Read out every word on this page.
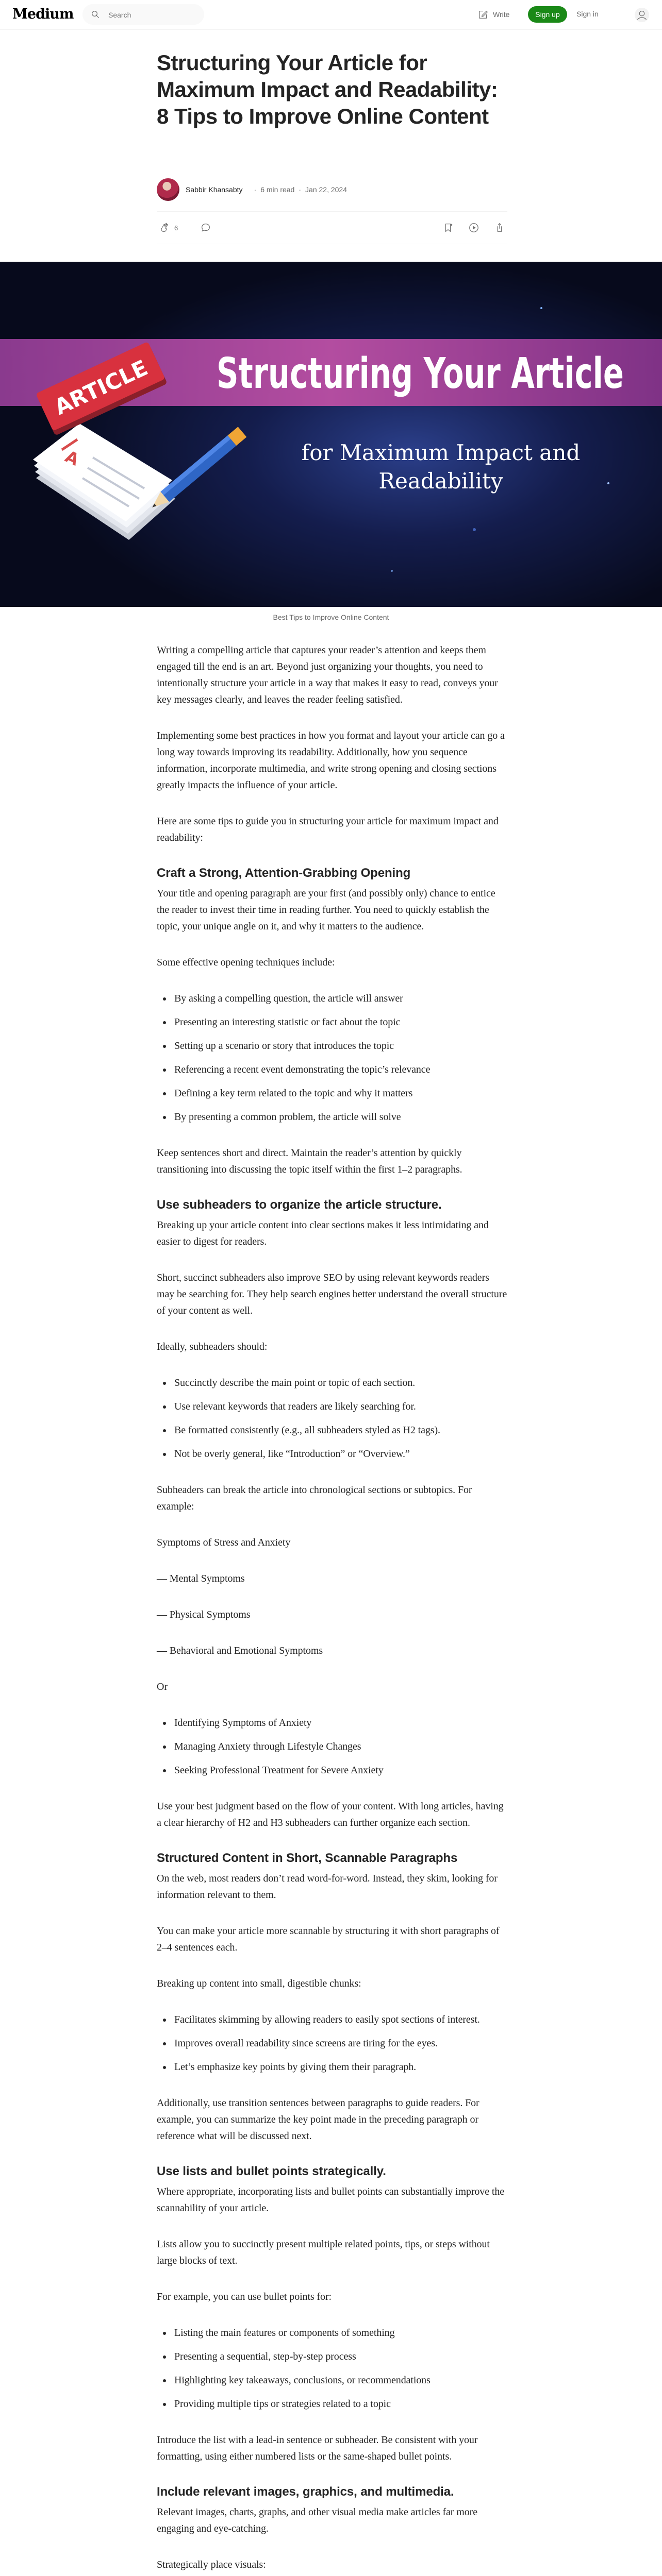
Medium
Search	Write	Sign up	Sign in
Structuring Your Article for Maximum Impact and Readability: 8 Tips to Improve Online Content
Sabbir Khansabty · 6 min read · Jan 22, 2024
6
Structuring Your Article
for Maximum Impact and
Readability
A
ARTICLE
Best Tips to Improve Online Content

Writing a compelling article that captures your reader’s attention and keeps them engaged till the end is an art. Beyond just organizing your thoughts, you need to intentionally structure your article in a way that makes it easy to read, conveys your key messages clearly, and leaves the reader feeling satisfied.

Implementing some best practices in how you format and layout your article can go a long way towards improving its readability. Additionally, how you sequence information, incorporate multimedia, and write strong opening and closing sections greatly impacts the influence of your article.

Here are some tips to guide you in structuring your article for maximum impact and readability:

Craft a Strong, Attention-Grabbing Opening

Your title and opening paragraph are your first (and possibly only) chance to entice the reader to invest their time in reading further. You need to quickly establish the topic, your unique angle on it, and why it matters to the audience.

Some effective opening techniques include:

• By asking a compelling question, the article will answer
• Presenting an interesting statistic or fact about the topic
• Setting up a scenario or story that introduces the topic
• Referencing a recent event demonstrating the topic’s relevance
• Defining a key term related to the topic and why it matters
• By presenting a common problem, the article will solve

Keep sentences short and direct. Maintain the reader’s attention by quickly transitioning into discussing the topic itself within the first 1–2 paragraphs.

Use subheaders to organize the article structure.

Breaking up your article content into clear sections makes it less intimidating and easier to digest for readers.

Short, succinct subheaders also improve SEO by using relevant keywords readers may be searching for. They help search engines better understand the overall structure of your content as well.

Ideally, subheaders should:

• Succinctly describe the main point or topic of each section.
• Use relevant keywords that readers are likely searching for.
• Be formatted consistently (e.g., all subheaders styled as H2 tags).
• Not be overly general, like “Introduction” or “Overview.”

Subheaders can break the article into chronological sections or subtopics. For example:

Symptoms of Stress and Anxiety

— Mental Symptoms

— Physical Symptoms

— Behavioral and Emotional Symptoms

Or

• Identifying Symptoms of Anxiety
• Managing Anxiety through Lifestyle Changes
• Seeking Professional Treatment for Severe Anxiety

Use your best judgment based on the flow of your content. With long articles, having a clear hierarchy of H2 and H3 subheaders can further organize each section.

Structured Content in Short, Scannable Paragraphs

On the web, most readers don’t read word-for-word. Instead, they skim, looking for information relevant to them.

You can make your article more scannable by structuring it with short paragraphs of 2–4 sentences each.

Breaking up content into small, digestible chunks:

• Facilitates skimming by allowing readers to easily spot sections of interest.
• Improves overall readability since screens are tiring for the eyes.
• Let’s emphasize key points by giving them their paragraph.

Additionally, use transition sentences between paragraphs to guide readers. For example, you can summarize the key point made in the preceding paragraph or reference what will be discussed next.

Use lists and bullet points strategically.

Where appropriate, incorporating lists and bullet points can substantially improve the scannability of your article.

Lists allow you to succinctly present multiple related points, tips, or steps without large blocks of text.

For example, you can use bullet points for:

• Listing the main features or components of something
• Presenting a sequential, step-by-step process
• Highlighting key takeaways, conclusions, or recommendations
• Providing multiple tips or strategies related to a topic

Introduce the list with a lead-in sentence or subheader. Be consistent with your formatting, using either numbered lists or the same-shaped bullet points.

Include relevant images, graphics, and multimedia.

Relevant images, charts, graphs, and other visual media make articles far more engaging and eye-catching.

Strategically place visuals:
